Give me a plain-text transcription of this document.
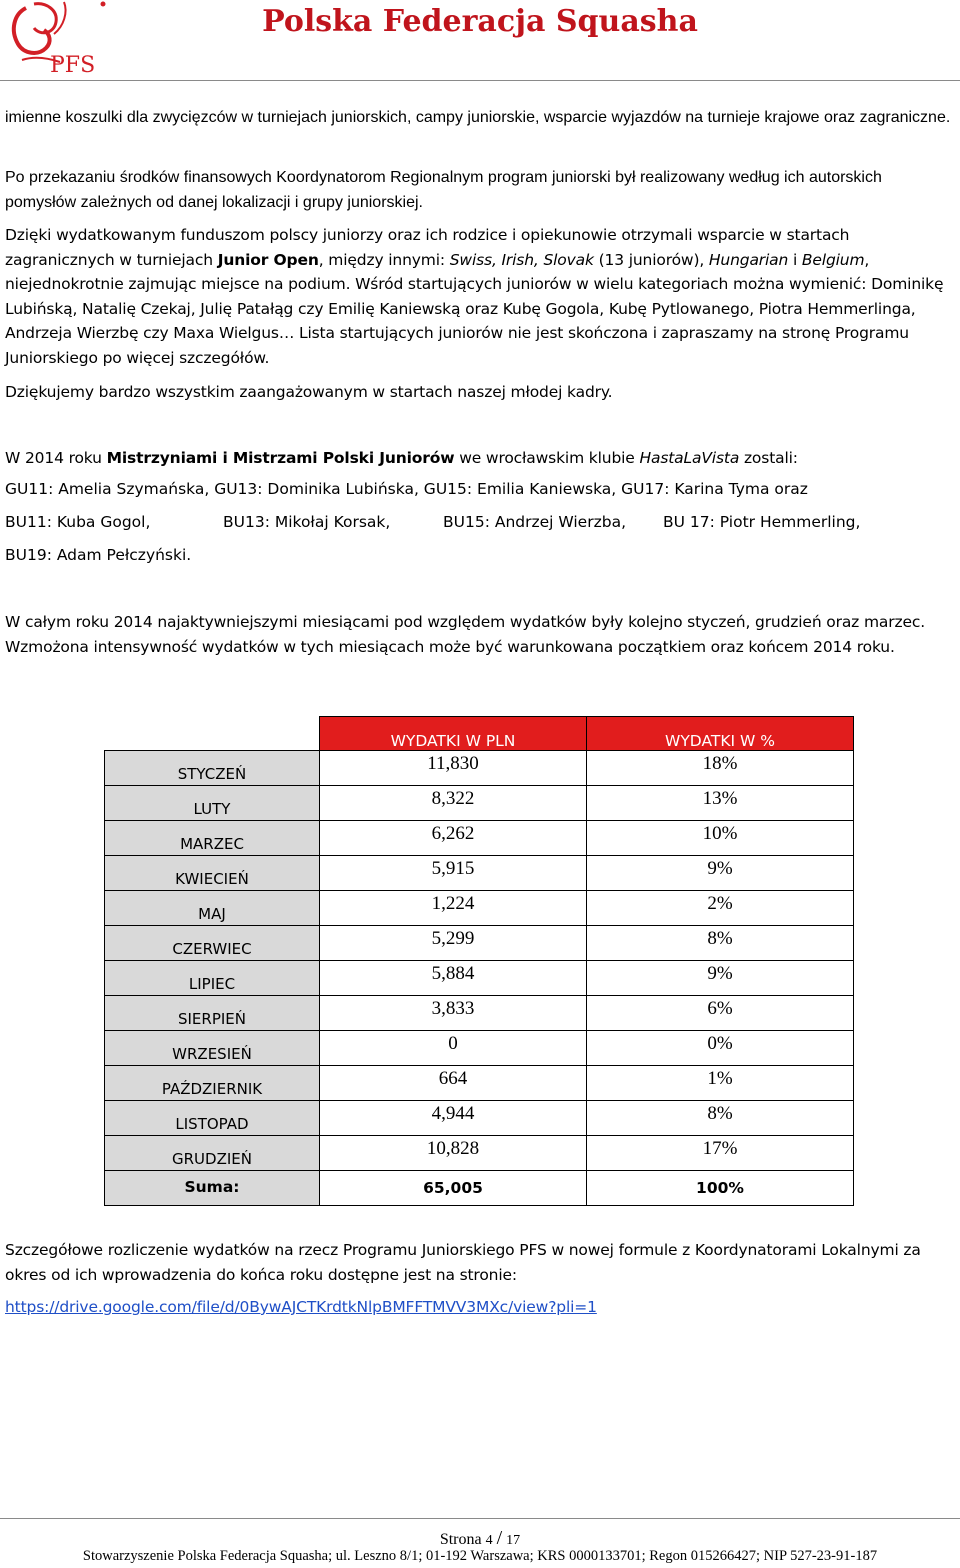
PFS
Polska Federacja Squasha

imienne koszulki dla zwycięzców w turniejach juniorskich, campy juniorskie, wsparcie wyjazdów na turnieje krajowe oraz zagraniczne.

Po przekazaniu środków finansowych Koordynatorom Regionalnym program juniorski był realizowany według ich autorskich pomysłów zależnych od danej lokalizacji i grupy juniorskiej.

Dzięki wydatkowanym funduszom polscy juniorzy oraz ich rodzice i opiekunowie otrzymali wsparcie w startach zagranicznych w turniejach Junior Open, między innymi: Swiss, Irish, Slovak (13 juniorów), Hungarian i Belgium, niejednokrotnie zajmując miejsce na podium. Wśród startujących juniorów w wielu kategoriach można wymienić: Dominikę Lubińską, Natalię Czekaj, Julię Patałąg czy Emilię Kaniewską oraz Kubę Gogola, Kubę Pytlowanego, Piotra Hemmerlinga, Andrzeja Wierzbę czy Maxa Wielgus… Lista startujących juniorów nie jest skończona i zapraszamy na stronę Programu Juniorskiego po więcej szczegółów.

Dziękujemy bardzo wszystkim zaangażowanym w startach naszej młodej kadry.

W 2014 roku Mistrzyniami i Mistrzami Polski Juniorów we wrocławskim klubie HastaLaVista zostali:

GU11: Amelia Szymańska, GU13: Dominika Lubińska, GU15: Emilia Kaniewska, GU17: Karina Tyma oraz
BU11: Kuba Gogol,	BU13: Mikołaj Korsak,	BU15: Andrzej Wierzba, BU 17: Piotr Hemmerling,
BU19: Adam Pełczyński.

W całym roku 2014 najaktywniejszymi miesiącami pod względem wydatków były kolejno styczeń, grudzień oraz marzec. Wzmożona intensywność wydatków w tych miesiącach może być warunkowana początkiem oraz końcem 2014 roku.

	WYDATKI W PLN	WYDATKI W %
STYCZEŃ	11,830	18%
LUTY	8,322	13%
MARZEC	6,262	10%
KWIECIEŃ	5,915	9%
MAJ	1,224	2%
CZERWIEC	5,299	8%
LIPIEC	5,884	9%
SIERPIEŃ	3,833	6%
WRZESIEŃ	0	0%
PAŹDZIERNIK	664	1%
LISTOPAD	4,944	8%
GRUDZIEŃ	10,828	17%
Suma:	65,005	100%

Szczegółowe rozliczenie wydatków na rzecz Programu Juniorskiego PFS w nowej formule z Koordynatorami Lokalnymi za okres od ich wprowadzenia do końca roku dostępne jest na stronie:

https://drive.google.com/file/d/0BywAJCTKrdtkNlpBMFFTMVV3MXc/view?pli=1

Strona 4 / 17
Stowarzyszenie Polska Federacja Squasha; ul. Leszno 8/1; 01-192 Warszawa; KRS 0000133701; Regon 015266427; NIP 527-23-91-187
